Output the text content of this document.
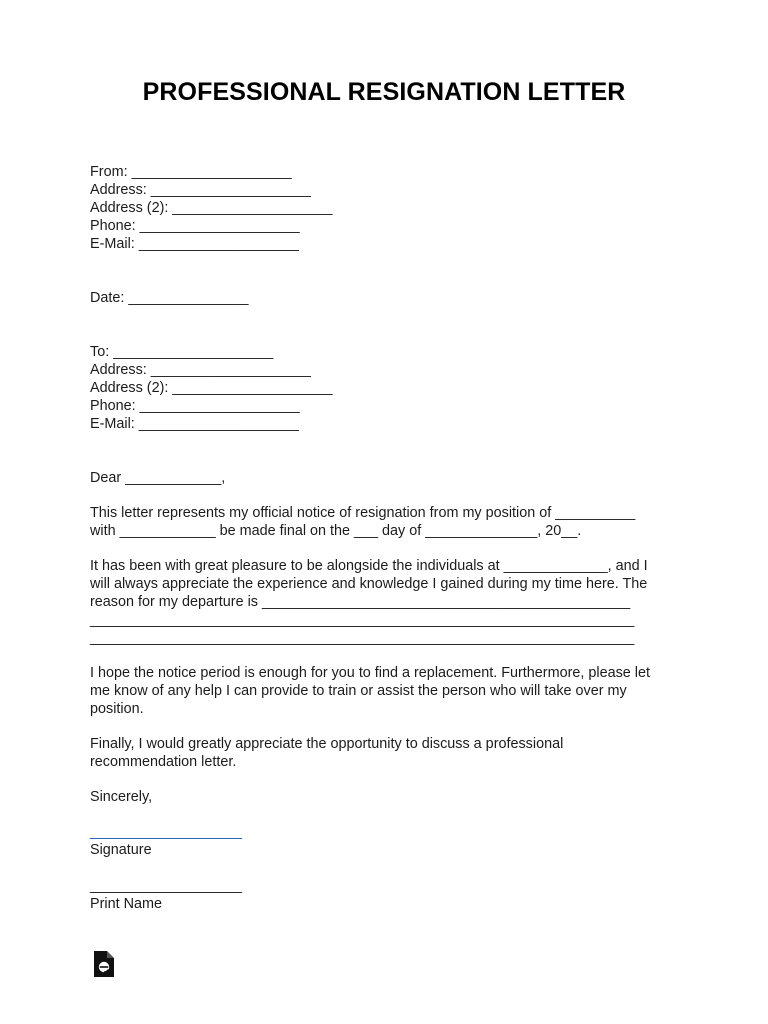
PROFESSIONAL RESIGNATION LETTER
From: ____________________
Address: ____________________
Address (2): ____________________
Phone: ____________________
E-Mail: ____________________
Date: _______________
To: ____________________
Address: ____________________
Address (2): ____________________
Phone: ____________________
E-Mail: ____________________
Dear ____________,
This letter represents my official notice of resignation from my position of __________
with ____________ be made final on the ___ day of ______________, 20__.
It has been with great pleasure to be alongside the individuals at _____________, and I
will always appreciate the experience and knowledge I gained during my time here. The
reason for my departure is ______________________________________________
____________________________________________________________________
____________________________________________________________________
I hope the notice period is enough for you to find a replacement. Furthermore, please let
me know of any help I can provide to train or assist the person who will take over my
position.
Finally, I would greatly appreciate the opportunity to discuss a professional
recommendation letter.
Sincerely,
___________________
Signature
___________________
Print Name
